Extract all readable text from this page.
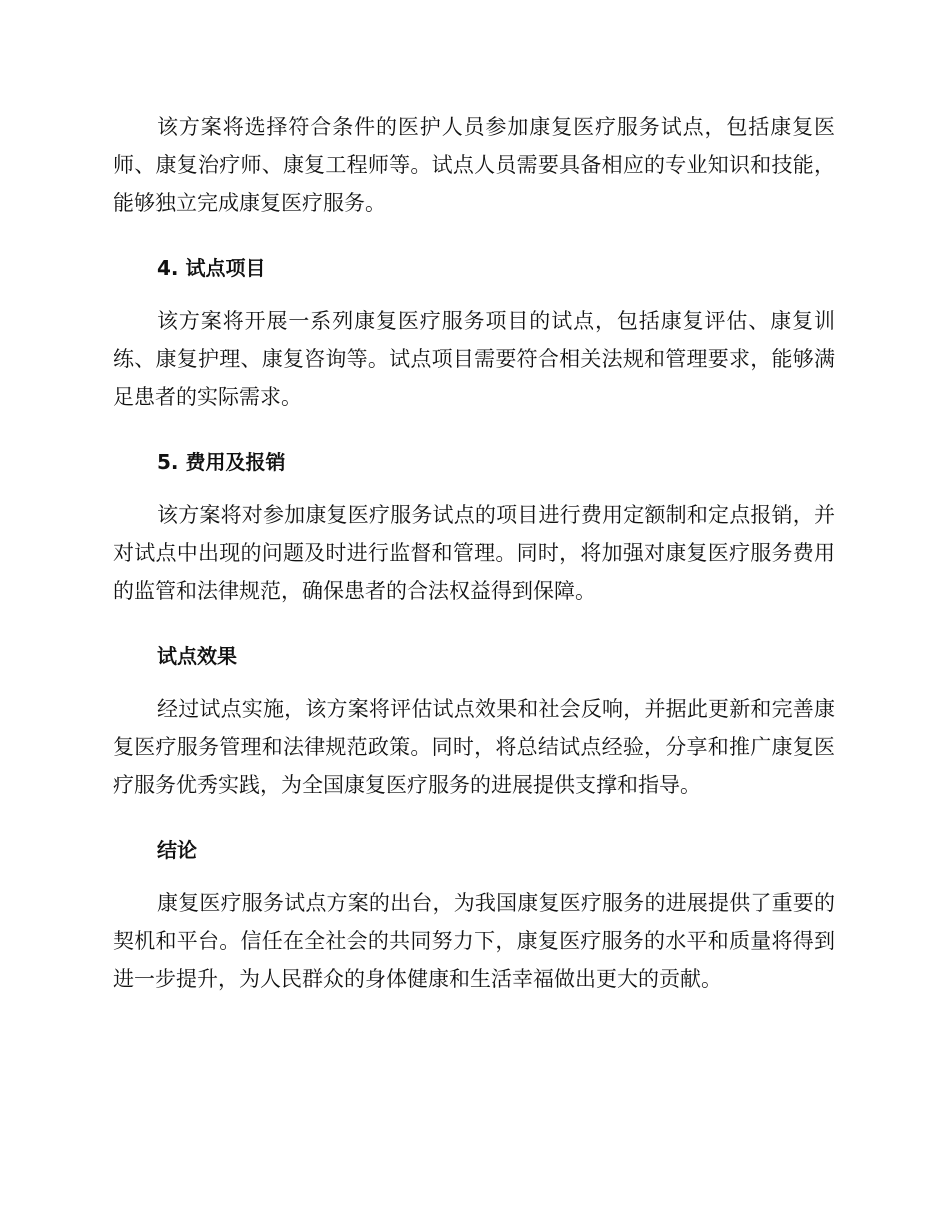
该方案将选择符合条件的医护人员参加康复医疗服务试点，包括康复医师、康复治疗师、康复工程师等。试点人员需要具备相应的专业知识和技能，能够独立完成康复医疗服务。

4. 试点项目

该方案将开展一系列康复医疗服务项目的试点，包括康复评估、康复训练、康复护理、康复咨询等。试点项目需要符合相关法规和管理要求，能够满足患者的实际需求。

5. 费用及报销

该方案将对参加康复医疗服务试点的项目进行费用定额制和定点报销，并对试点中出现的问题及时进行监督和管理。同时，将加强对康复医疗服务费用的监管和法律规范，确保患者的合法权益得到保障。

试点效果

经过试点实施，该方案将评估试点效果和社会反响，并据此更新和完善康复医疗服务管理和法律规范政策。同时，将总结试点经验，分享和推广康复医疗服务优秀实践，为全国康复医疗服务的进展提供支撑和指导。

结论

康复医疗服务试点方案的出台，为我国康复医疗服务的进展提供了重要的契机和平台。信任在全社会的共同努力下，康复医疗服务的水平和质量将得到进一步提升，为人民群众的身体健康和生活幸福做出更大的贡献。
